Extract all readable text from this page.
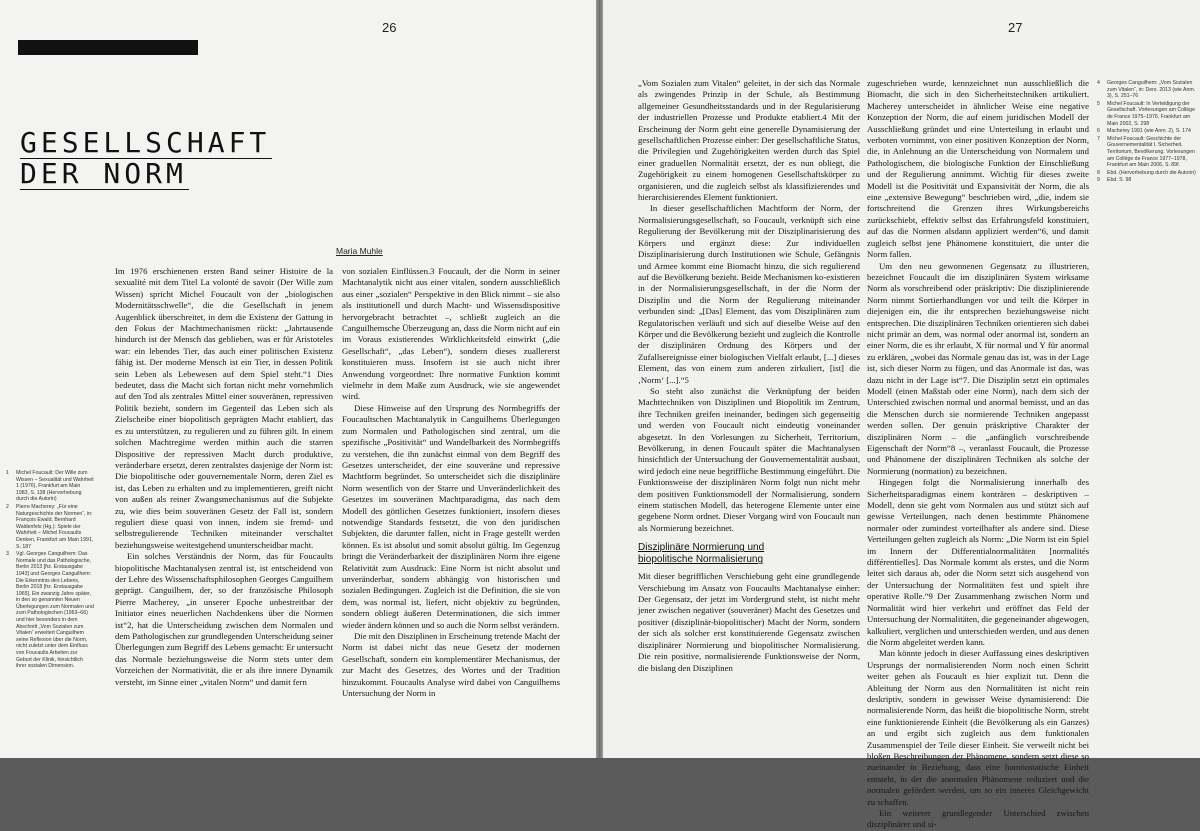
26
GESELLSCHAFT
DER NORM
Maria Muhle
1	Michel Foucault: Der Wille zum Wissen – Sexualität und Wahrheit 1 (1976), Frankfurt am Main 1983, S. 138 (Hervorhebung durch die Autorin)
2	Pierre Macherey: „Für eine Naturgeschichte der Normen“, in: François Ewald, Bernhard Waldenfels (Hg.): Spiele der Wahrheit – Michel Foucaults Denken, Frankfurt am Main 1991, S. 187
3	Vgl. Georges Canguilhem: Das Normale und das Pathologische, Berlin 2013 [frz. Erstausgabe 1943] und Georges Canguilhem: Die Erkenntnis des Lebens, Berlin 2018 [frz. Erstausgabe 1965]. Ein zwanzig Jahre später, in den so genannten Neuen Überlegungen zum Normalen und zum Pathologischen (1963–66) und hier besonders in dem Abschnitt „Vom Sozialen zum Vitalen“ erweitert Canguilhem seine Reflexion über die Norm, nicht zuletzt unter dem Einfluss von Foucaults Arbeiten zur Geburt der Klinik, hinsichtlich ihrer sozialen Dimension.

Im 1976 erschienenen ersten Band seiner Histoire de la sexualité mit dem Titel La volonté de savoir (Der Wille zum Wissen) spricht Michel Foucault von der „biologischen Modernitätsschwelle“, die die Gesellschaft in jenem Augenblick überschreitet, in dem die Existenz der Gattung in den Fokus der Machtmechanismen rückt: „Jahrtausende hindurch ist der Mensch das geblieben, was er für Aristoteles war: ein lebendes Tier, das auch einer politischen Existenz fähig ist. Der moderne Mensch ist ein Tier, in dessen Politik sein Leben als Lebewesen auf dem Spiel steht.“1 Dies bedeutet, dass die Macht sich fortan nicht mehr vornehmlich auf den Tod als zentrales Mittel einer souveränen, repressiven Politik bezieht, sondern im Gegenteil das Leben sich als Zielscheibe einer biopolitisch geprägten Macht etabliert, das es zu unterstützen, zu regulieren und zu führen gilt. In einem solchen Machtregime werden mithin auch die starren Dispositive der repressiven Macht durch produktive, veränderbare ersetzt, deren zentralstes dasjenige der Norm ist: Die biopolitische oder gouvernementale Norm, deren Ziel es ist, das Leben zu erhalten und zu implementieren, greift nicht von außen als reiner Zwangsmechanismus auf die Subjekte zu, wie dies beim souveränen Gesetz der Fall ist, sondern reguliert diese quasi von innen, indem sie fremd- und selbstregulierende Techniken miteinander verschaltet beziehungsweise weitestgehend ununterscheidbar macht.

Ein solches Verständnis der Norm, das für Foucaults biopolitische Machtanalysen zentral ist, ist entscheidend von der Lehre des Wissenschaftsphilosophen Georges Canguilhem geprägt. Canguilhem, der, so der französische Philosoph Pierre Macherey, „in unserer Epoche unbestreitbar der Initiator eines neuerlichen Nachdenkens über die Normen ist“2, hat die Unterscheidung zwischen dem Normalen und dem Pathologischen zur grundlegenden Unterscheidung seiner Überlegungen zum Begriff des Lebens gemacht: Er untersucht das Normale beziehungsweise die Norm stets unter dem Vorzeichen der Normativität, die er als ihre innere Dynamik versteht, im Sinne einer „vitalen Norm“ und damit fern

von sozialen Einflüssen.3 Foucault, der die Norm in seiner Machtanalytik nicht aus einer vitalen, sondern ausschließlich aus einer „sozialen“ Perspektive in den Blick nimmt – sie also als institutionell und durch Macht- und Wissensdispositive hervorgebracht betrachtet –, schließt zugleich an die Canguilhemsche Überzeugung an, dass die Norm nicht auf ein im Voraus existierendes Wirklichkeitsfeld einwirkt („die Gesellschaft“, „das Leben“), sondern dieses zuallererst konstituieren muss. Insofern ist sie auch nicht ihrer Anwendung vorgeordnet: Ihre normative Funktion kommt vielmehr in dem Maße zum Ausdruck, wie sie angewendet wird.

Diese Hinweise auf den Ursprung des Normbegriffs der Foucaultschen Machtanalytik in Canguilhems Überlegungen zum Normalen und Pathologischen sind zentral, um die spezifische „Positivität“ und Wandelbarkeit des Normbegriffs zu verstehen, die ihn zunächst einmal von dem Begriff des Gesetzes unterscheidet, der eine souveräne und repressive Machtform begründet. So unterscheidet sich die disziplinäre Norm wesentlich von der Starre und Unveränderlichkeit des Gesetzes im souveränen Machtparadigma, das nach dem Modell des göttlichen Gesetzes funktioniert, insofern dieses notwendige Standards festsetzt, die von den juridischen Subjekten, die darunter fallen, nicht in Frage gestellt werden können. Es ist absolut und somit absolut gültig. Im Gegenzug bringt die Veränderbarkeit der disziplinären Norm ihre eigene Relativität zum Ausdruck: Eine Norm ist nicht absolut und unveränderbar, sondern abhängig von historischen und sozialen Bedingungen. Zugleich ist die Definition, die sie von dem, was normal ist, liefert, nicht objektiv zu begründen, sondern obliegt äußeren Determinationen, die sich immer wieder ändern können und so auch die Norm selbst verändern.

Die mit den Disziplinen in Erscheinung tretende Macht der Norm ist dabei nicht das neue Gesetz der modernen Gesellschaft, sondern ein komplementärer Mechanismus, der zur Macht des Gesetzes, des Wortes und der Tradition hinzukommt. Foucaults Analyse wird dabei von Canguilhems Untersuchung der Norm in

27

„Vom Sozialen zum Vitalen“ geleitet, in der sich das Normale als zwingendes Prinzip in der Schule, als Bestimmung allgemeiner Gesundheitsstandards und in der Regularisierung der industriellen Prozesse und Produkte etabliert.4 Mit der Erscheinung der Norm geht eine generelle Dynamisierung der gesellschaftlichen Prozesse einher: Der gesellschaftliche Status, die Privilegien und Zugehörigkeiten werden durch das Spiel einer graduellen Normalität ersetzt, der es nun obliegt, die Zugehörigkeit zu einem homogenen Gesellschaftskörper zu organisieren, und die zugleich selbst als klassifizierendes und hierarchisierendes Element funktioniert.

In dieser gesellschaftlichen Machtform der Norm, der Normalisierungsgesellschaft, so Foucault, verknüpft sich eine Regulierung der Bevölkerung mit der Disziplinarisierung des Körpers und ergänzt diese: Zur individuellen Disziplinarisierung durch Institutionen wie Schule, Gefängnis und Armee kommt eine Biomacht hinzu, die sich regulierend auf die Bevölkerung bezieht. Beide Mechanismen ko-existieren in der Normalisierungsgesellschaft, in der die Norm der Disziplin und die Norm der Regulierung miteinander verbunden sind: „[Das] Element, das vom Disziplinären zum Regulatorischen verläuft und sich auf dieselbe Weise auf den Körper und die Bevölkerung bezieht und zugleich die Kontrolle der disziplinären Ordnung des Körpers und der Zufallsereignisse einer biologischen Vielfalt erlaubt, [...] dieses Element, das von einem zum anderen zirkuliert, [ist] die ‚Norm‘ [...].“5

So steht also zunächst die Verknüpfung der beiden Machttechniken von Disziplinen und Biopolitik im Zentrum, ihre Techniken greifen ineinander, bedingen sich gegenseitig und werden von Foucault nicht eindeutig voneinander abgesetzt. In den Vorlesungen zu Sicherheit, Territorium, Bevölkerung, in denen Foucault später die Machtanalysen hinsichtlich der Untersuchung der Gouvernementalität ausbaut, wird jedoch eine neue begriffliche Bestimmung eingeführt. Die Funktionsweise der disziplinären Norm folgt nun nicht mehr dem positiven Funktionsmodell der Normalisierung, sondern einem statischen Modell, das heterogene Elemente unter eine gegebene Norm ordnet. Dieser Vorgang wird von Foucault nun als Normierung bezeichnet.

Disziplinäre Normierung und
biopolitische Normalisierung

Mit dieser begrifflichen Verschiebung geht eine grundlegende Verschiebung im Ansatz von Foucaults Machtanalyse einher: Der Gegensatz, der jetzt im Vordergrund steht, ist nicht mehr jener zwischen negativer (souveräner) Macht des Gesetzes und positiver (disziplinär-biopolitischer) Macht der Norm, sondern der sich als solcher erst konstituierende Gegensatz zwischen disziplinärer Normierung und biopolitischer Normalisierung. Die rein positive, normalisierende Funktionsweise der Norm, die bislang den Disziplinen

zugeschrieben wurde, kennzeichnet nun ausschließlich die Biomacht, die sich in den Sicherheitstechniken artikuliert. Macherey unterscheidet in ähnlicher Weise eine negative Konzeption der Norm, die auf einem juridischen Modell der Ausschließung gründet und eine Unterteilung in erlaubt und verboten vornimmt, von einer positiven Konzeption der Norm, die, in Anlehnung an die Unterscheidung von Normalem und Pathologischem, die biologische Funktion der Einschließung und der Regulierung annimmt. Wichtig für dieses zweite Modell ist die Positivität und Expansivität der Norm, die als eine „extensive Bewegung“ beschrieben wird, „die, indem sie fortschreitend die Grenzen ihres Wirkungsbereichs zurückschiebt, effektiv selbst das Erfahrungsfeld konstituiert, auf das die Normen alsdann appliziert werden“6, und damit zugleich selbst jene Phänomene konstituiert, die unter die Norm fallen.

Um den neu gewonnenen Gegensatz zu illustrieren, bezeichnet Foucault die im disziplinären System wirksame Norm als vorschreibend oder präskriptiv: Die disziplinierende Norm nimmt Sortierhandlungen vor und teilt die Körper in diejenigen ein, die ihr entsprechen beziehungsweise nicht entsprechen. Die disziplinären Techniken orientieren sich dabei nicht primär an dem, was normal oder anormal ist, sondern an einer Norm, die es ihr erlaubt, X für normal und Y für anormal zu erklären, „wobei das Normale genau das ist, was in der Lage ist, sich dieser Norm zu fügen, und das Anormale ist das, was dazu nicht in der Lage ist“7. Die Disziplin setzt ein optimales Modell (einen Maßstab oder eine Norm), nach dem sich der Unterschied zwischen normal und anormal bemisst, und an das die Menschen durch sie normierende Techniken angepasst werden sollen. Der genuin präskriptive Charakter der disziplinären Norm – die „anfänglich vorschreibende Eigenschaft der Norm“8 –, veranlasst Foucault, die Prozesse und Phänomene der disziplinären Techniken als solche der Normierung (normation) zu bezeichnen.

Hingegen folgt die Normalisierung innerhalb des Sicherheitsparadigmas einem konträren – deskriptiven – Modell, denn sie geht vom Normalen aus und stützt sich auf gewisse Verteilungen, nach denen bestimmte Phänomene normaler oder zumindest vorteilhafter als andere sind. Diese Verteilungen gelten zugleich als Norm: „Die Norm ist ein Spiel im Innern der Differentialnormalitäten [normalités différentielles]. Das Normale kommt als erstes, und die Norm leitet sich daraus ab, oder die Norm setzt sich ausgehend von der Untersuchung der Normalitäten fest und spielt ihre operative Rolle.“9 Der Zusammenhang zwischen Norm und Normalität wird hier verkehrt und eröffnet das Feld der Untersuchung der Normalitäten, die gegeneinander abgewogen, kalkuliert, verglichen und unterschieden werden, und aus denen die Norm abgeleitet werden kann.

Man könnte jedoch in dieser Auffassung eines deskriptiven Ursprungs der normalisierenden Norm noch einen Schritt weiter gehen als Foucault es hier explizit tut. Denn die Ableitung der Norm aus den Normalitäten ist nicht rein deskriptiv, sondern in gewisser Weise dynamisierend: Die normalisierende Norm, das heißt die biopolitische Norm, strebt eine funktionierende Einheit (die Bevölkerung als ein Ganzes) an und ergibt sich zugleich aus dem funktionalen Zusammenspiel der Teile dieser Einheit. Sie verweilt nicht bei bloßen Beschreibungen der Phänomene, sondern setzt diese so zueinander in Beziehung, dass eine homöostatische Einheit entsteht, in der die anormalen Phänomene reduziert und die normalen gefördert werden, um so ein inneres Gleichgewicht zu schaffen.

Ein weiterer grundlegender Unterschied zwischen disziplinärer und si-

4	Georges Canguilhem: „Vom Sozialen zum Vitalen“, in: Ders. 2013 (wie Anm. 3), S. 251–76
5	Michel Foucault: In Verteidigung der Gesellschaft. Vorlesungen am Collège de France 1975–1976, Frankfurt am Main 2002, S. 298
6	Macherey 1991 (wie Anm. 2), S. 174
7	Michel Foucault: Geschichte der Gouvernementalität I. Sicherheit, Territorium, Bevölkerung. Vorlesungen am Collège de France 1977–1978, Frankfurt am Main 2006, S. 89f.
8	Ebd. (Hervorhebung durch die Autorin)
9	Ebd. S. 98
